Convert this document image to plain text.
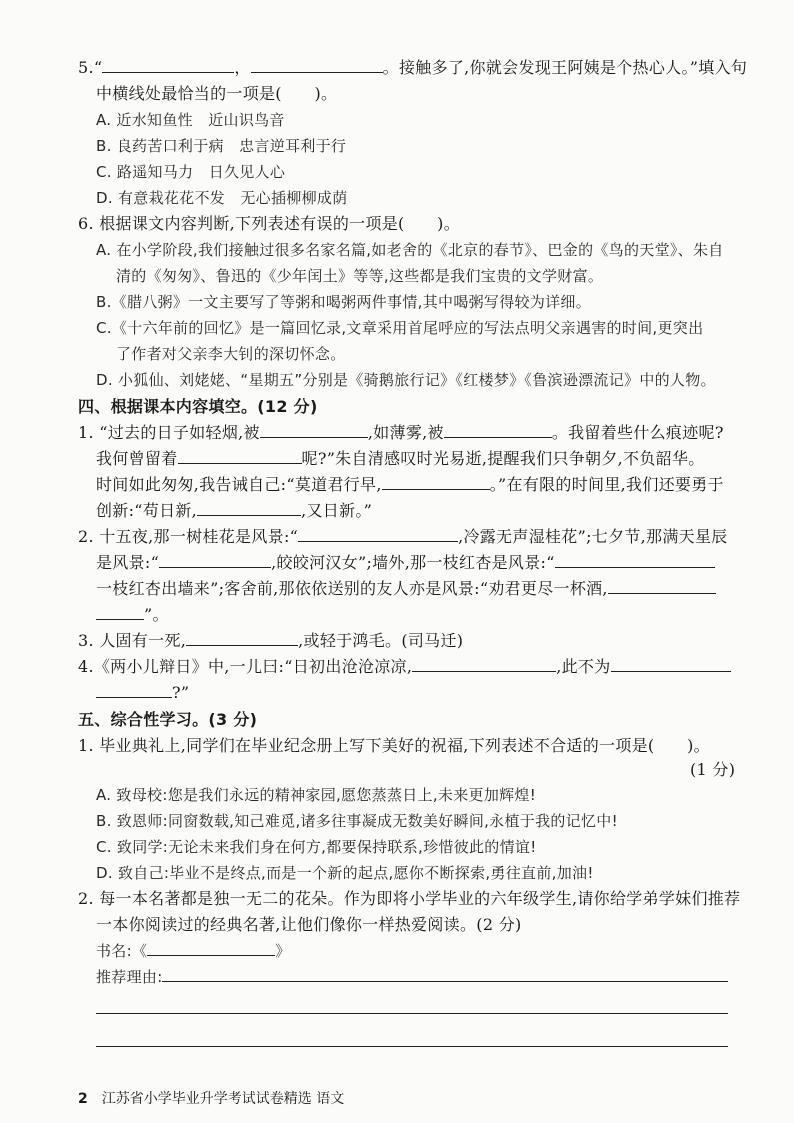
5.“	，	。接触多了,你就会发现王阿姨是个热心人。”填入句
中横线处最恰当的一项是(　　)。
A. 近水知鱼性　近山识鸟音
B. 良药苦口利于病　忠言逆耳利于行
C. 路遥知马力　日久见人心
D. 有意栽花花不发　无心插柳柳成荫
6. 根据课文内容判断,下列表述有误的一项是(　　)。
A. 在小学阶段,我们接触过很多名家名篇,如老舍的《北京的春节》、巴金的《鸟的天堂》、朱自
清的《匆匆》、鲁迅的《少年闰土》等等,这些都是我们宝贵的文学财富。
B.《腊八粥》一文主要写了等粥和喝粥两件事情,其中喝粥写得较为详细。
C.《十六年前的回忆》是一篇回忆录,文章采用首尾呼应的写法点明父亲遇害的时间,更突出
了作者对父亲李大钊的深切怀念。
D. 小狐仙、刘姥姥、“星期五”分别是《骑鹅旅行记》《红楼梦》《鲁滨逊漂流记》中的人物。
四、根据课本内容填空。(12 分)
1. “过去的日子如轻烟,被	,如薄雾,被	。我留着些什么痕迹呢?
我何曾留着	呢?”朱自清感叹时光易逝,提醒我们只争朝夕,不负韶华。
时间如此匆匆,我告诫自己:“莫道君行早,	。”在有限的时间里,我们还要勇于
创新:“苟日新,	,又日新。”
2. 十五夜,那一树桂花是风景:“	,冷露无声湿桂花”;七夕节,那满天星辰
是风景:“	,皎皎河汉女”;墙外,那一枝红杏是风景:“
一枝红杏出墙来”;客舍前,那依依送别的友人亦是风景:“劝君更尽一杯酒,
”。
3. 人固有一死,	,或轻于鸿毛。(司马迁)
4.《两小儿辩日》中,一儿曰:“日初出沧沧凉凉,	,此不为
?”
五、综合性学习。(3 分)
1. 毕业典礼上,同学们在毕业纪念册上写下美好的祝福,下列表述不合适的一项是(　　)。
(1 分)
A. 致母校:您是我们永远的精神家园,愿您蒸蒸日上,未来更加辉煌!
B. 致恩师:同窗数载,知己难觅,诸多往事凝成无数美好瞬间,永植于我的记忆中!
C. 致同学:无论未来我们身在何方,都要保持联系,珍惜彼此的情谊!
D. 致自己:毕业不是终点,而是一个新的起点,愿你不断探索,勇往直前,加油!
2. 每一本名著都是独一无二的花朵。作为即将小学毕业的六年级学生,请你给学弟学妹们推荐
一本你阅读过的经典名著,让他们像你一样热爱阅读。(2 分)
书名:《	》
推荐理由:
2 江苏省小学毕业升学考试试卷精选 语文
